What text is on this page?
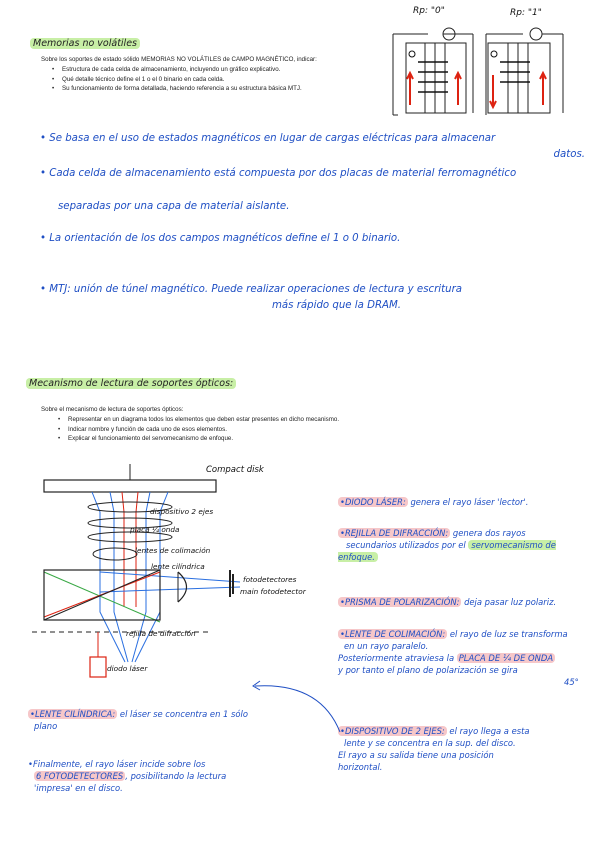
Memorias no volátiles
Sobre los soportes de estado sólido MEMORIAS NO VOLÁTILES de CAMPO MAGNÉTICO, indicar:
• Estructura de cada celda de almacenamiento, incluyendo un gráfico explicativo.
• Qué detalle técnico define el 1 o el 0 binario en cada celda.
• Su funcionamiento de forma detallada, haciendo referencia a su estructura básica MTJ.
Rp: "0"	Rp: "1"
• Se basa en el uso de estados magnéticos en lugar de cargas eléctricas para almacenar
datos.
• Cada celda de almacenamiento está compuesta por dos placas de material ferromagnético
separadas por una capa de material aislante.
• La orientación de los dos campos magnéticos define el 1 o 0 binario.
• MTJ: unión de túnel magnético. Puede realizar operaciones de lectura y escritura
más rápido que la DRAM.
Mecanismo de lectura de soportes ópticos:
Sobre el mecanismo de lectura de soportes ópticos:
• Representar en un diagrama todos los elementos que deben estar presentes en dicho mecanismo.
• Indicar nombre y función de cada uno de esos elementos.
• Explicar el funcionamiento del servomecanismo de enfoque.
Compact disk
dispositivo 2 ejes
placa ¼ onda
lentes de colimación
lente cilíndrica
fotodetectores
main fotodetector
rejilla de difracción
diodo láser
•DIODO LÁSER: genera el rayo láser 'lector'.
•REJILLA DE DIFRACCIÓN: genera dos rayos
secundarios utilizados por el servomecanismo de enfoque.
•PRISMA DE POLARIZACIÓN: deja pasar luz polariz.
•LENTE DE COLIMACIÓN: el rayo de luz se transforma
en un rayo paralelo.
Posteriormente atraviesa la PLACA DE ¼ DE ONDA
y por tanto el plano de polarización se gira
45°
•DISPOSITIVO DE 2 EJES: el rayo llega a esta
lente y se concentra en la sup. del disco.
El rayo a su salida tiene una posición
horizontal.
•LENTE CILÍNDRICA: el láser se concentra en 1 sólo
plano
•Finalmente, el rayo láser incide sobre los
6 FOTODETECTORES , posibilitando la lectura
'impresa' en el disco.
